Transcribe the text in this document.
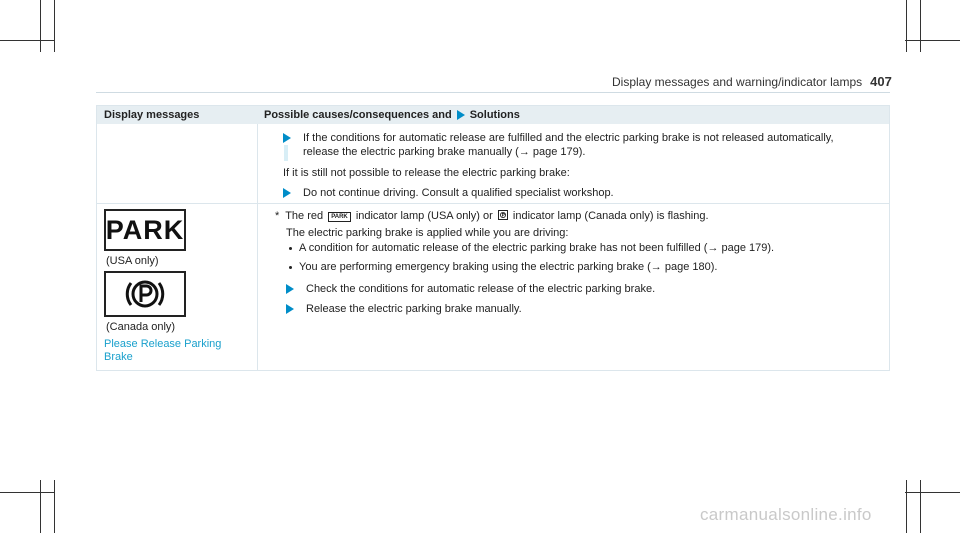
Display messages and warning/indicator lamps 407
Display messages	Possible causes/consequences and Solutions
If the conditions for automatic release are fulfilled and the electric parking brake is not released automatically,
release the electric parking brake manually (→ page 179).
If it is still not possible to release the electric parking brake:
Do not continue driving. Consult a qualified specialist workshop.
PARK
(USA only)
(Canada only)
Please Release Parking
Brake
* The red PARK indicator lamp (USA only) or indicator lamp (Canada only) is flashing.
The electric parking brake is applied while you are driving:
A condition for automatic release of the electric parking brake has not been fulfilled (→ page 179).
You are performing emergency braking using the electric parking brake (→ page 180).
Check the conditions for automatic release of the electric parking brake.
Release the electric parking brake manually.
carmanualsonline.info
